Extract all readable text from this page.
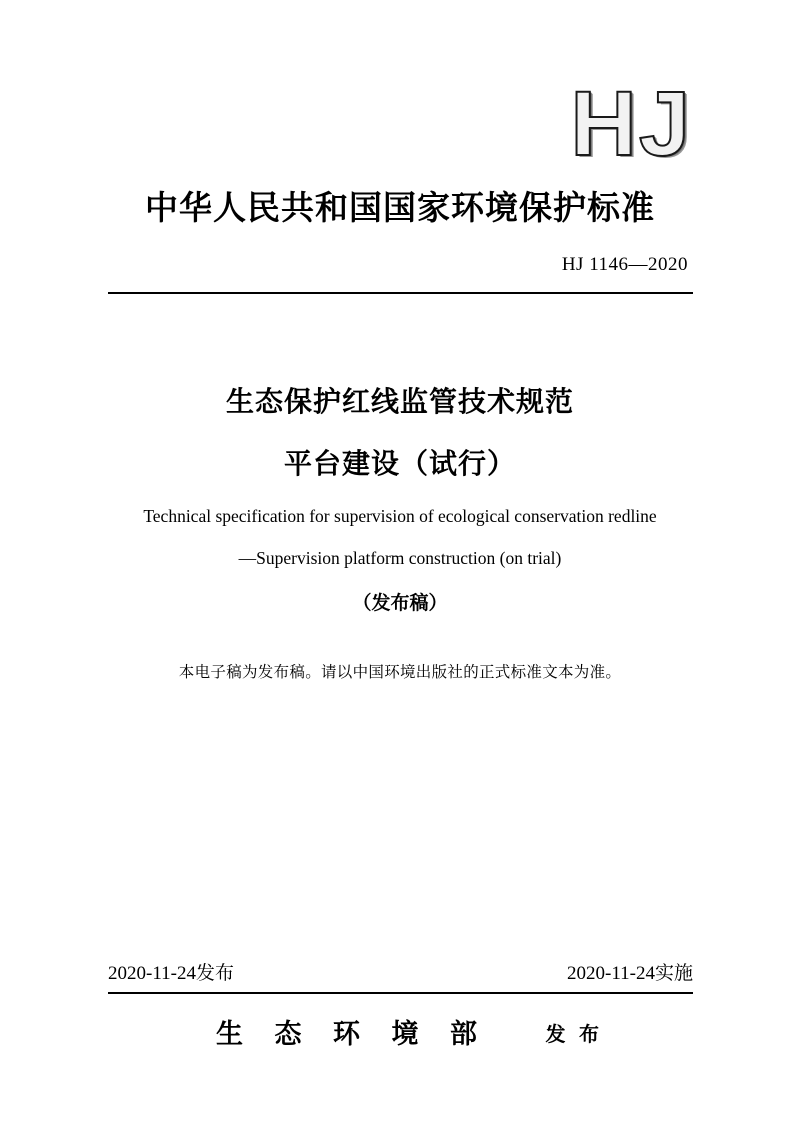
HJ
中华人民共和国国家环境保护标准
HJ 1146—2020
生态保护红线监管技术规范
平台建设（试行）
Technical specification for supervision of ecological conservation redline
—Supervision platform construction (on trial)
（发布稿）
本电子稿为发布稿。请以中国环境出版社的正式标准文本为准。
2020-11-24发布	2020-11-24实施
生 态 环 境 部	发 布
